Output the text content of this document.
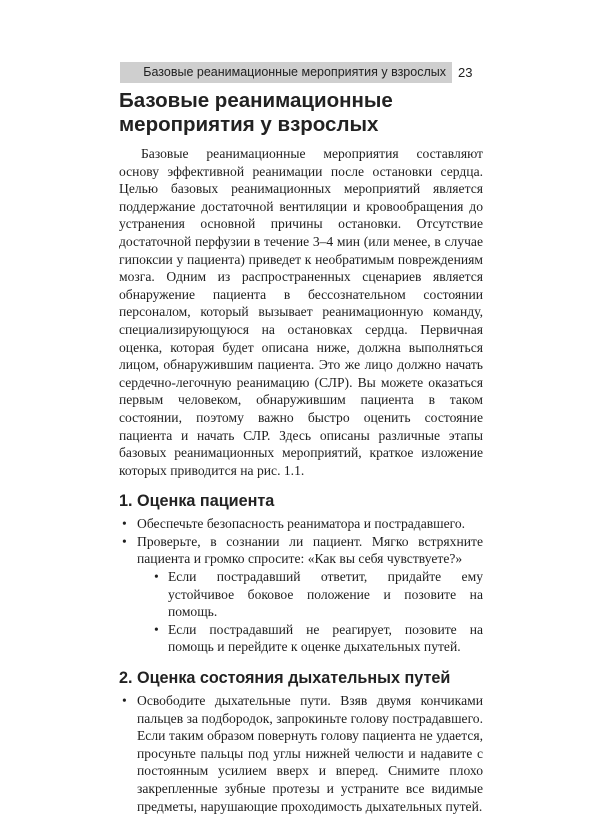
Базовые реанимационные мероприятия у взрослых 23
Базовые реанимационные мероприятия у взрослых

Базовые реанимационные мероприятия составляют основу эффективной реанимации после остановки сердца. Целью базовых реанимационных мероприятий является поддержание достаточной вентиляции и кровообращения до устранения основной причины остановки. Отсутствие достаточной перфузии в течение 3–4 мин (или менее, в случае гипоксии у пациента) приведет к необратимым повреждениям мозга. Одним из распространенных сценариев является обнаружение пациента в бессознательном состоянии персоналом, который вызывает реанимационную команду, специализирующуюся на остановках сердца. Первичная оценка, которая будет описана ниже, должна выполняться лицом, обнаружившим пациента. Это же лицо должно начать сердечно-легочную реанимацию (СЛР). Вы можете оказаться первым человеком, обнаружившим пациента в таком состоянии, поэтому важно быстро оценить состояние пациента и начать СЛР. Здесь описаны различные этапы базовых реанимационных мероприятий, краткое изложение которых приводится на рис. 1.1.

1. Оценка пациента
• Обеспечьте безопасность реаниматора и пострадавшего.
• Проверьте, в сознании ли пациент. Мягко встряхните пациента и громко спросите: «Как вы себя чувствуете?»
• Если пострадавший ответит, придайте ему устойчивое боковое положение и позовите на помощь.
• Если пострадавший не реагирует, позовите на помощь и перейдите к оценке дыхательных путей.
2. Оценка состояния дыхательных путей
• Освободите дыхательные пути. Взяв двумя кончиками пальцев за подбородок, запрокиньте голову пострадавшего. Если таким образом повернуть голову пациента не удается, просуньте пальцы под углы нижней челюсти и надавите с постоянным усилием вверх и вперед. Снимите плохо закрепленные зубные протезы и устраните все видимые предметы, нарушающие проходимость дыхательных путей.
